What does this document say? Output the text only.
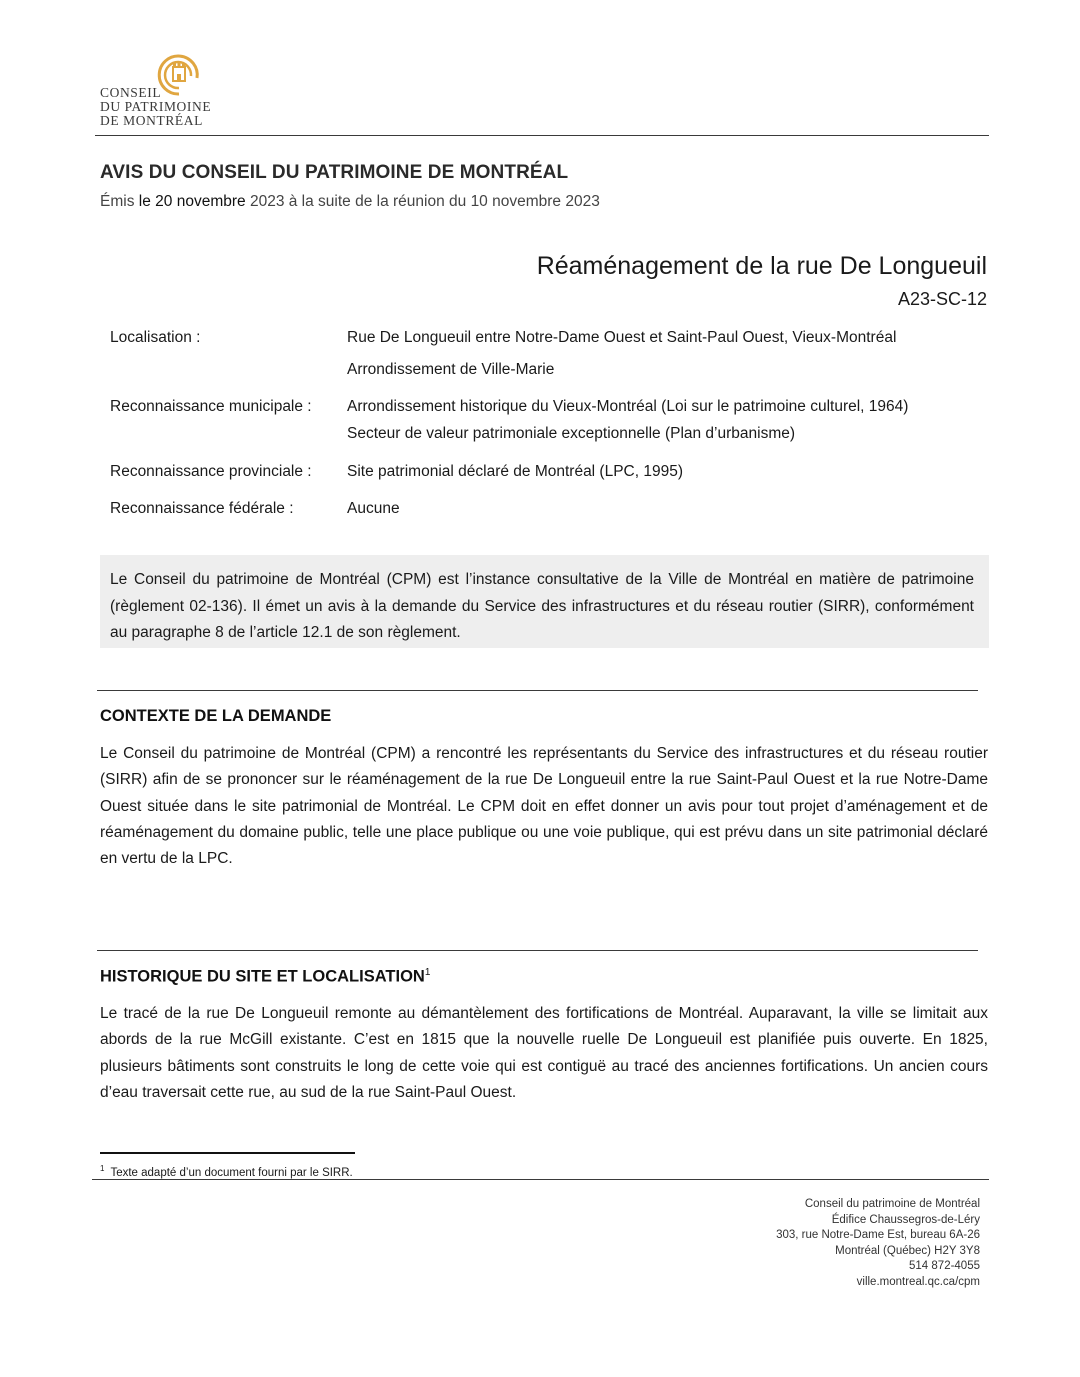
CONSEIL
DU PATRIMOINE
DE MONTRÉAL
AVIS DU CONSEIL DU PATRIMOINE DE MONTRÉAL
Émis le 20 novembre 2023 à la suite de la réunion du 10 novembre 2023
Réaménagement de la rue De Longueuil
A23-SC-12
Localisation :	Rue De Longueuil entre Notre-Dame Ouest et Saint-Paul Ouest, Vieux-Montréal
Arrondissement de Ville-Marie
Reconnaissance municipale : Arrondissement historique du Vieux-Montréal (Loi sur le patrimoine culturel, 1964)
Secteur de valeur patrimoniale exceptionnelle (Plan d’urbanisme)
Reconnaissance provinciale : Site patrimonial déclaré de Montréal (LPC, 1995)
Reconnaissance fédérale :	Aucune
Le Conseil du patrimoine de Montréal (CPM) est l’instance consultative de la Ville de Montréal en matière de patrimoine (règlement 02-136). Il émet un avis à la demande du Service des infrastructures et du réseau routier (SIRR), conformément au paragraphe 8 de l’article 12.1 de son règlement.
CONTEXTE DE LA DEMANDE
Le Conseil du patrimoine de Montréal (CPM) a rencontré les représentants du Service des infrastructures et du réseau routier (SIRR) afin de se prononcer sur le réaménagement de la rue De Longueuil entre la rue Saint-Paul Ouest et la rue Notre-Dame Ouest située dans le site patrimonial de Montréal. Le CPM doit en effet donner un avis pour tout projet d’aménagement et de réaménagement du domaine public, telle une place publique ou une voie publique, qui est prévu dans un site patrimonial déclaré en vertu de la LPC.
HISTORIQUE DU SITE ET LOCALISATION$^1$
Le tracé de la rue De Longueuil remonte au démantèlement des fortifications de Montréal. Auparavant, la ville se limitait aux abords de la rue McGill existante. C’est en 1815 que la nouvelle ruelle De Longueuil est planifiée puis ouverte. En 1825, plusieurs bâtiments sont construits le long de cette voie qui est contiguë au tracé des anciennes fortifications. Un ancien cours d’eau traversait cette rue, au sud de la rue Saint-Paul Ouest.
$^1$ Texte adapté d’un document fourni par le SIRR.
Conseil du patrimoine de Montréal
Édifice Chaussegros-de-Léry
303, rue Notre-Dame Est, bureau 6A-26
Montréal (Québec) H2Y 3Y8
514 872-4055
ville.montreal.qc.ca/cpm
